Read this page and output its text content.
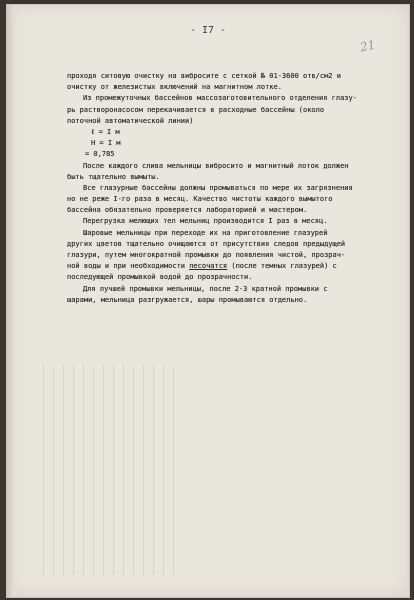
- I7 -
21
проходя ситовую очистку на вибросите с сеткой № 01-3600 отв/см2 и
очистку от железистых включений на магнитном лотке.
Из промежуточных бассейнов массозаготовительного отделения глазу-
рь растворонасосом перекачивается в расходные бассейны (около
поточной автоматической линии)
ℓ = I м
H = I м
= 0,785
После каждого слива мельницы вибросито и магнитный лоток должен
быть тщательно вымыты.
Все глазурные бассейны должны промываться по мере их загрязнения
но не реже I-го раза в месяц. Качество чистоты каждого вымытого
бассейна обязательно проверяется лабораторией и мастером.
Перегрузка мелющих тел мельниц производится I раз в месяц.
Шаровые мельницы при переходе их на приготовление глазурей
других цветов тщательно очищаются от присутствия следов предыдущей
глазури, путем многократной промывки до появления чистой, прозрач-
ной воды и при необходимости песочатся (после темных глазурей) с
последующей промывкой водой до прозрачности.
Для лучшей промывки мельницы, после 2-3 кратной промывки с
шарами, мельница разгружается, шары промываются отдельно.
